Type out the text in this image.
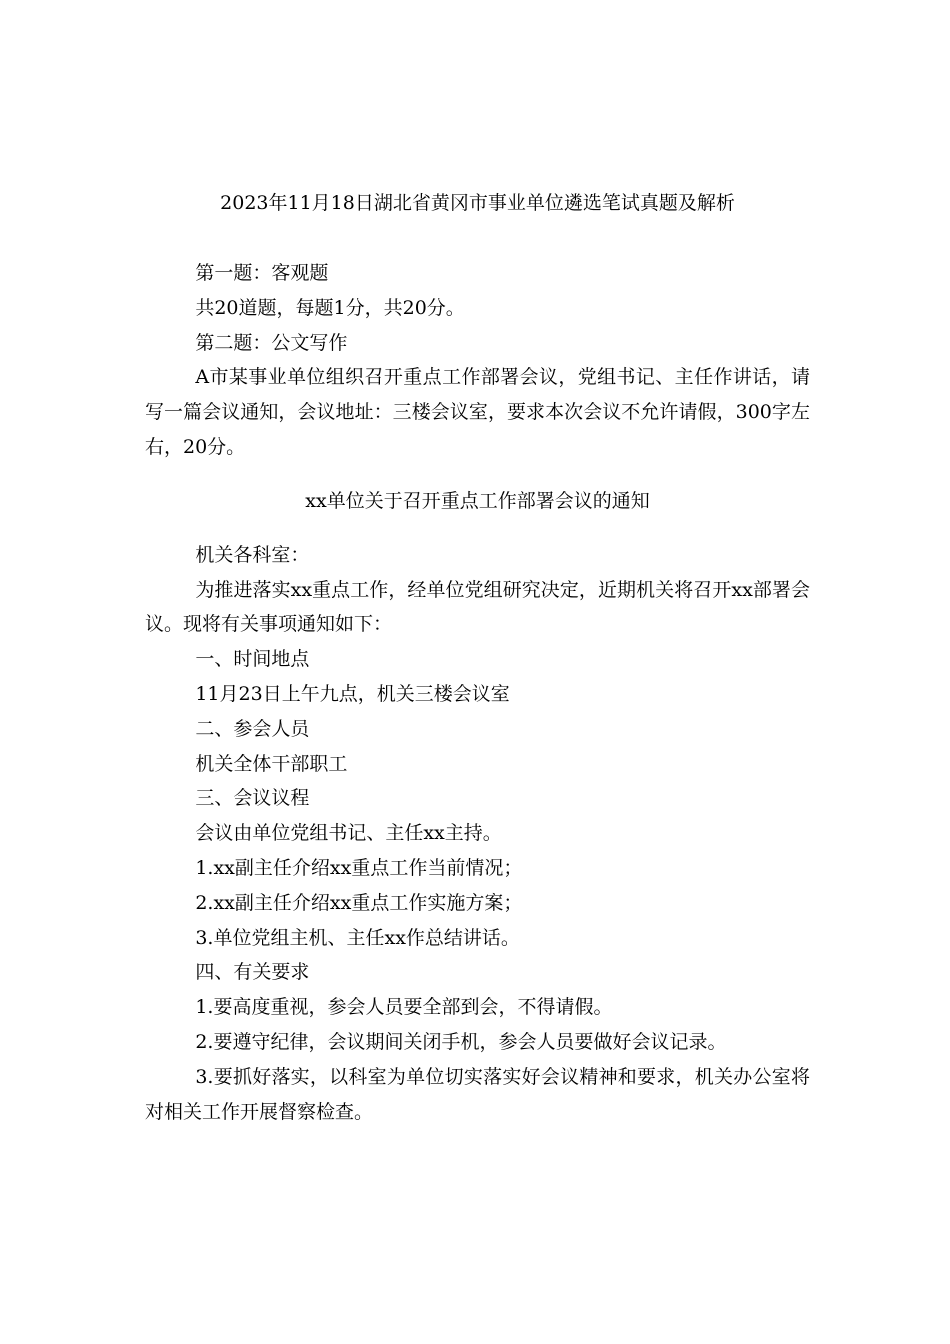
2023年11月18日湖北省黄冈市事业单位遴选笔试真题及解析

第一题：客观题

共20道题，每题1分，共20分。

第二题：公文写作

A市某事业单位组织召开重点工作部署会议，党组书记、主任作讲话，请写一篇会议通知，会议地址：三楼会议室，要求本次会议不允许请假，300字左右，20分。

xx单位关于召开重点工作部署会议的通知

机关各科室：

为推进落实xx重点工作，经单位党组研究决定，近期机关将召开xx部署会议。现将有关事项通知如下：

一、时间地点

11月23日上午九点，机关三楼会议室

二、参会人员

机关全体干部职工

三、会议议程

会议由单位党组书记、主任xx主持。

1.xx副主任介绍xx重点工作当前情况；

2.xx副主任介绍xx重点工作实施方案；

3.单位党组主机、主任xx作总结讲话。

四、有关要求

1.要高度重视，参会人员要全部到会，不得请假。

2.要遵守纪律，会议期间关闭手机，参会人员要做好会议记录。

3.要抓好落实，以科室为单位切实落实好会议精神和要求，机关办公室将对相关工作开展督察检查。
